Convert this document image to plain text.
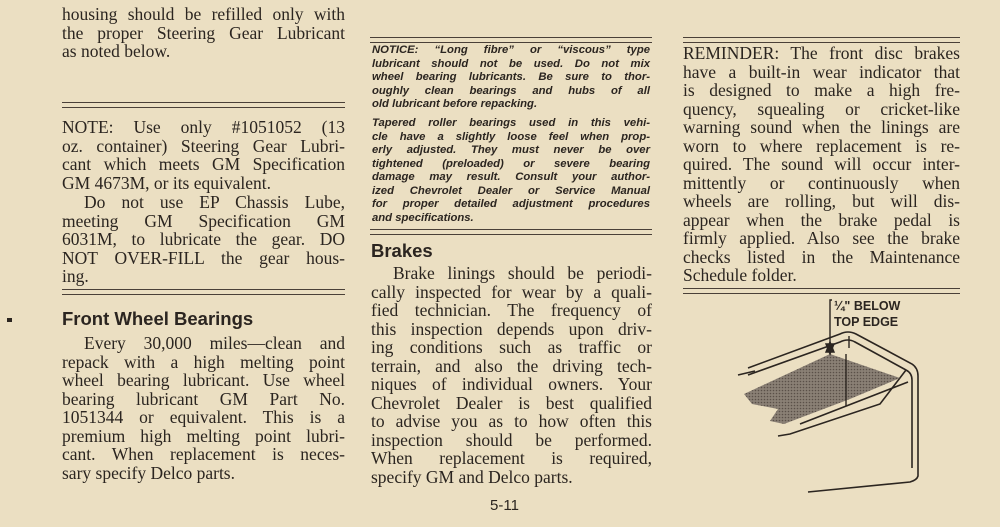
housing should be refilled only with
the proper Steering Gear Lubricant
as noted below.
NOTE: Use only #1051052 (13
oz. container) Steering Gear Lubri-
cant which meets GM Specification
GM 4673M, or its equivalent.
Do not use EP Chassis Lube,
meeting GM Specification GM
6031M, to lubricate the gear. DO
NOT OVER-FILL the gear hous-
ing.
Front Wheel Bearings
Every 30,000 miles—clean and
repack with a high melting point
wheel bearing lubricant. Use wheel
bearing lubricant GM Part No.
1051344 or equivalent. This is a
premium high melting point lubri-
cant. When replacement is neces-
sary specify Delco parts.
NOTICE: “Long fibre” or “viscous” type
lubricant should not be used. Do not mix
wheel bearing lubricants. Be sure to thor-
oughly clean bearings and hubs of all
old lubricant before repacking.
Tapered roller bearings used in this vehi-
cle have a slightly loose feel when prop-
erly adjusted. They must never be over
tightened (preloaded) or severe bearing
damage may result. Consult your author-
ized Chevrolet Dealer or Service Manual
for proper detailed adjustment procedures
and specifications.
Brakes
Brake linings should be periodi-
cally inspected for wear by a quali-
fied technician. The frequency of
this inspection depends upon driv-
ing conditions such as traffic or
terrain, and also the driving tech-
niques of individual owners. Your
Chevrolet Dealer is best qualified
to advise you as to how often this
inspection should be performed.
When replacement is required,
specify GM and Delco parts.
REMINDER: The front disc brakes
have a built-in wear indicator that
is designed to make a high fre-
quency, squealing or cricket-like
warning sound when the linings are
worn to where replacement is re-
quired. The sound will occur inter-
mittently or continuously when
wheels are rolling, but will dis-
appear when the brake pedal is
firmly applied. Also see the brake
checks listed in the Maintenance
Schedule folder.
¼" BELOW
TOP EDGE
5-11
